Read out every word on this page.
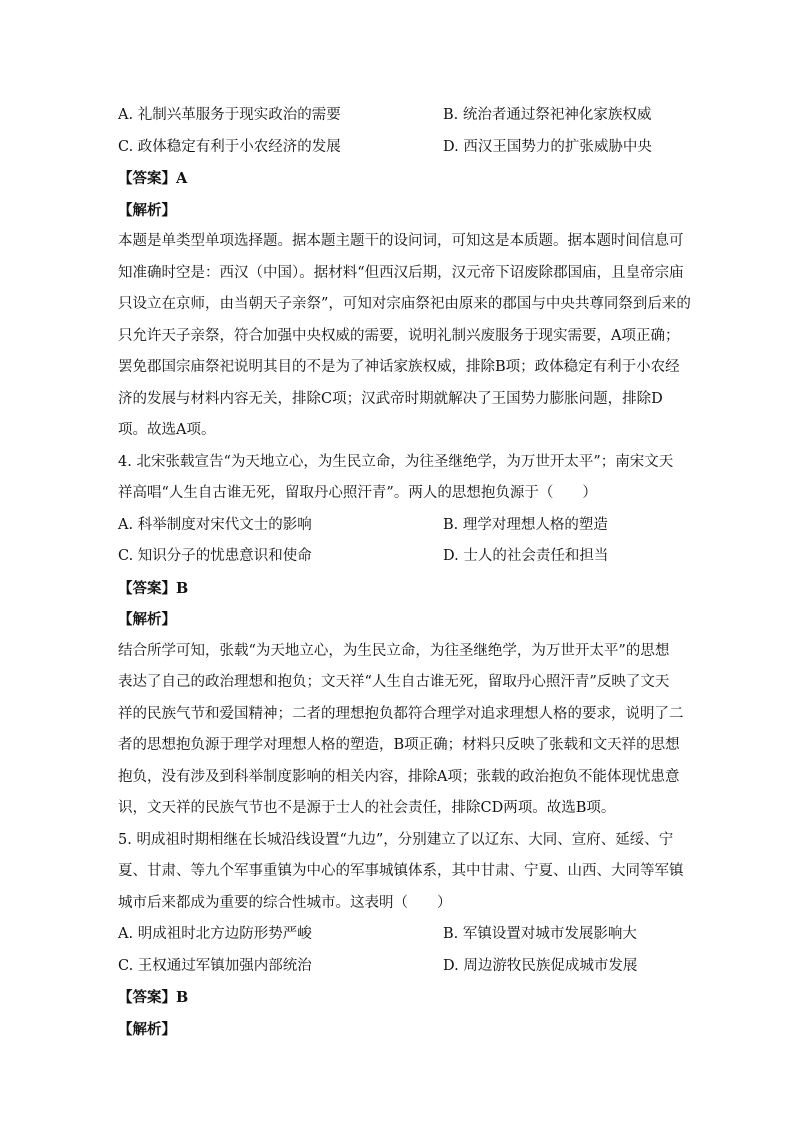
A. 礼制兴革服务于现实政治的需要	B. 统治者通过祭祀神化家族权威
C. 政体稳定有利于小农经济的发展	D. 西汉王国势力的扩张威胁中央
【答案】A
【解析】
本题是单类型单项选择题。据本题主题干的设问词，可知这是本质题。据本题时间信息可
知准确时空是：西汉（中国）。据材料“但西汉后期，汉元帝下诏废除郡国庙，且皇帝宗庙
只设立在京师，由当朝天子亲祭”，可知对宗庙祭祀由原来的郡国与中央共尊同祭到后来的
只允许天子亲祭，符合加强中央权威的需要，说明礼制兴废服务于现实需要，A项正确；
罢免郡国宗庙祭祀说明其目的不是为了神话家族权威，排除B项；政体稳定有利于小农经
济的发展与材料内容无关，排除C项；汉武帝时期就解决了王国势力膨胀问题，排除D
项。故选A项。
4. 北宋张载宣告“为天地立心，为生民立命，为往圣继绝学，为万世开太平”；南宋文天
祥高唱“人生自古谁无死，留取丹心照汗青”。两人的思想抱负源于（　　）
A. 科举制度对宋代文士的影响	B. 理学对理想人格的塑造
C. 知识分子的忧患意识和使命	D. 士人的社会责任和担当
【答案】B
【解析】
结合所学可知，张载“为天地立心，为生民立命，为往圣继绝学，为万世开太平”的思想
表达了自己的政治理想和抱负；文天祥“人生自古谁无死，留取丹心照汗青”反映了文天
祥的民族气节和爱国精神；二者的理想抱负都符合理学对追求理想人格的要求，说明了二
者的思想抱负源于理学对理想人格的塑造，B项正确；材料只反映了张载和文天祥的思想
抱负，没有涉及到科举制度影响的相关内容，排除A项；张载的政治抱负不能体现忧患意
识，文天祥的民族气节也不是源于士人的社会责任，排除CD两项。故选B项。
5. 明成祖时期相继在长城沿线设置“九边”，分别建立了以辽东、大同、宣府、延绥、宁
夏、甘肃、等九个军事重镇为中心的军事城镇体系，其中甘肃、宁夏、山西、大同等军镇
城市后来都成为重要的综合性城市。这表明（　　）
A. 明成祖时北方边防形势严峻	B. 军镇设置对城市发展影响大
C. 王权通过军镇加强内部统治	D. 周边游牧民族促成城市发展
【答案】B
【解析】
